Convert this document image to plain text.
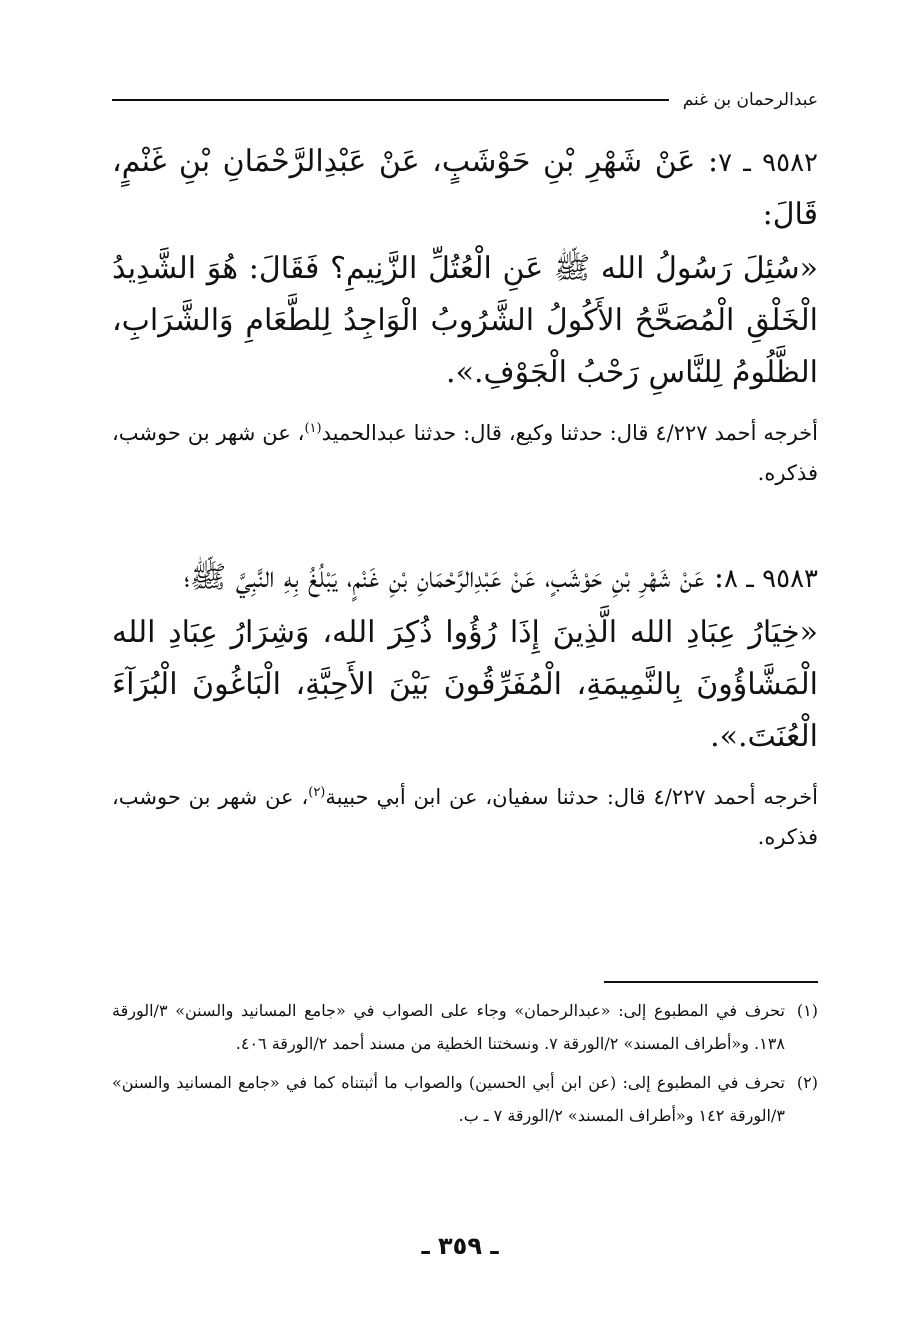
عبدالرحمان بن غنم

٩٥٨٢ ـ ٧: عَنْ شَهْرِ بْنِ حَوْشَبٍ، عَنْ عَبْدِالرَّحْمَانِ بْنِ غَنْمٍ، قَالَ:

«سُئِلَ رَسُولُ الله ﷺ عَنِ الْعُتُلِّ الزَّنِيمِ؟ فَقَالَ: هُوَ الشَّدِيدُ الْخَلْقِ الْمُصَحَّحُ الأَكُولُ الشَّرُوبُ الْوَاجِدُ لِلطَّعَامِ وَالشَّرَابِ، الظَّلُومُ لِلنَّاسِ رَحْبُ الْجَوْفِ.».

أخرجه أحمد ٤/٢٢٧ قال: حدثنا وكيع، قال: حدثنا عبدالحميد$^{(١)}$، عن شهر بن حوشب، فذكره.

٩٥٨٣ ـ ٨: عَنْ شَهْرِ بْنِ حَوْشَبٍ، عَنْ عَبْدِالرَّحْمَانِ بْنِ غَنْمٍ، يَبْلُغُ بِهِ النَّبِيَّ ﷺ؛

«خِيَارُ عِبَادِ الله الَّذِينَ إِذَا رُؤُوا ذُكِرَ الله، وَشِرَارُ عِبَادِ الله الْمَشَّاؤُونَ بِالنَّمِيمَةِ، الْمُفَرِّقُونَ بَيْنَ الأَحِبَّةِ، الْبَاغُونَ الْبُرَآءَ الْعُنَتَ.».

أخرجه أحمد ٤/٢٢٧ قال: حدثنا سفيان، عن ابن أبي حبيبة$^{(٢)}$، عن شهر بن حوشب، فذكره.

(١)
تحرف في المطبوع إلى: «عبدالرحمان» وجاء على الصواب في «جامع المسانيد والسنن» ٣/الورقة ١٣٨. و«أطراف المسند» ٢/الورقة ٧. ونسختنا الخطية من مسند أحمد ٢/الورقة ٤٠٦.
(٢)
تحرف في المطبوع إلى: (عن ابن أبي الحسين) والصواب ما أثبتناه كما في «جامع المسانيد والسنن» ٣/الورقة ١٤٢ و«أطراف المسند» ٢/الورقة ٧ ـ ب.
ـ ٣٥٩ ـ
